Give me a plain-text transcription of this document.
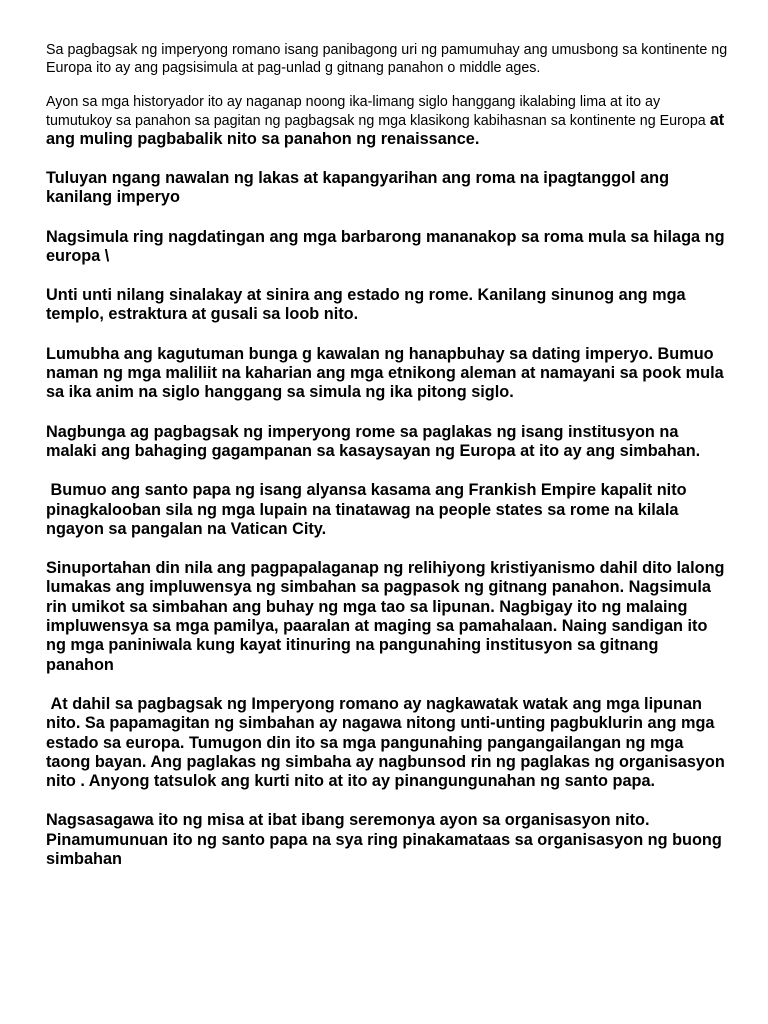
Sa pagbagsak ng imperyong romano isang panibagong uri ng pamumuhay ang umusbong sa kontinente ng Europa ito ay ang pagsisimula at pag-unlad g gitnang panahon o middle ages.

Ayon sa mga historyador ito ay naganap noong ika-limang siglo hanggang ikalabing lima at ito ay tumutukoy sa panahon sa pagitan ng pagbagsak ng mga klasikong kabihasnan sa kontinente ng Europa at ang muling pagbabalik nito sa panahon ng renaissance.

Tuluyan ngang nawalan ng lakas at kapangyarihan ang roma na ipagtanggol ang kanilang imperyo

Nagsimula ring nagdatingan ang mga barbarong mananakop sa roma mula sa hilaga ng europa \

Unti unti nilang sinalakay at sinira ang estado ng rome. Kanilang sinunog ang mga templo, estraktura at gusali sa loob nito.

Lumubha ang kagutuman bunga g kawalan ng hanapbuhay sa dating imperyo. Bumuo naman ng mga maliliit na kaharian ang mga etnikong aleman at namayani sa pook mula sa ika anim na siglo hanggang sa simula ng ika pitong siglo.

Nagbunga ag pagbagsak ng imperyong rome sa paglakas ng isang institusyon na malaki ang bahaging gagampanan sa kasaysayan ng Europa at ito ay ang simbahan.

Bumuo ang santo papa ng isang alyansa kasama ang Frankish Empire kapalit nito pinagkalooban sila ng mga lupain na tinatawag na people states sa rome na kilala ngayon sa pangalan na Vatican City.

Sinuportahan din nila ang pagpapalaganap ng relihiyong kristiyanismo dahil dito lalong lumakas ang impluwensya ng simbahan sa pagpasok ng gitnang panahon. Nagsimula rin umikot sa simbahan ang buhay ng mga tao sa lipunan. Nagbigay ito ng malaing impluwensya sa mga pamilya, paaralan at maging sa pamahalaan. Naing sandigan ito ng mga paniniwala kung kayat itinuring na pangunahing institusyon sa gitnang panahon

At dahil sa pagbagsak ng Imperyong romano ay nagkawatak watak ang mga lipunan nito. Sa papamagitan ng simbahan ay nagawa nitong unti-unting pagbuklurin ang mga estado sa europa. Tumugon din ito sa mga pangunahing pangangailangan ng mga taong bayan. Ang paglakas ng simbaha ay nagbunsod rin ng paglakas ng organisasyon nito . Anyong tatsulok ang kurti nito at ito ay pinangungunahan ng santo papa.

Nagsasagawa ito ng misa at ibat ibang seremonya ayon sa organisasyon nito. Pinamumunuan ito ng santo papa na sya ring pinakamataas sa organisasyon ng buong simbahan
